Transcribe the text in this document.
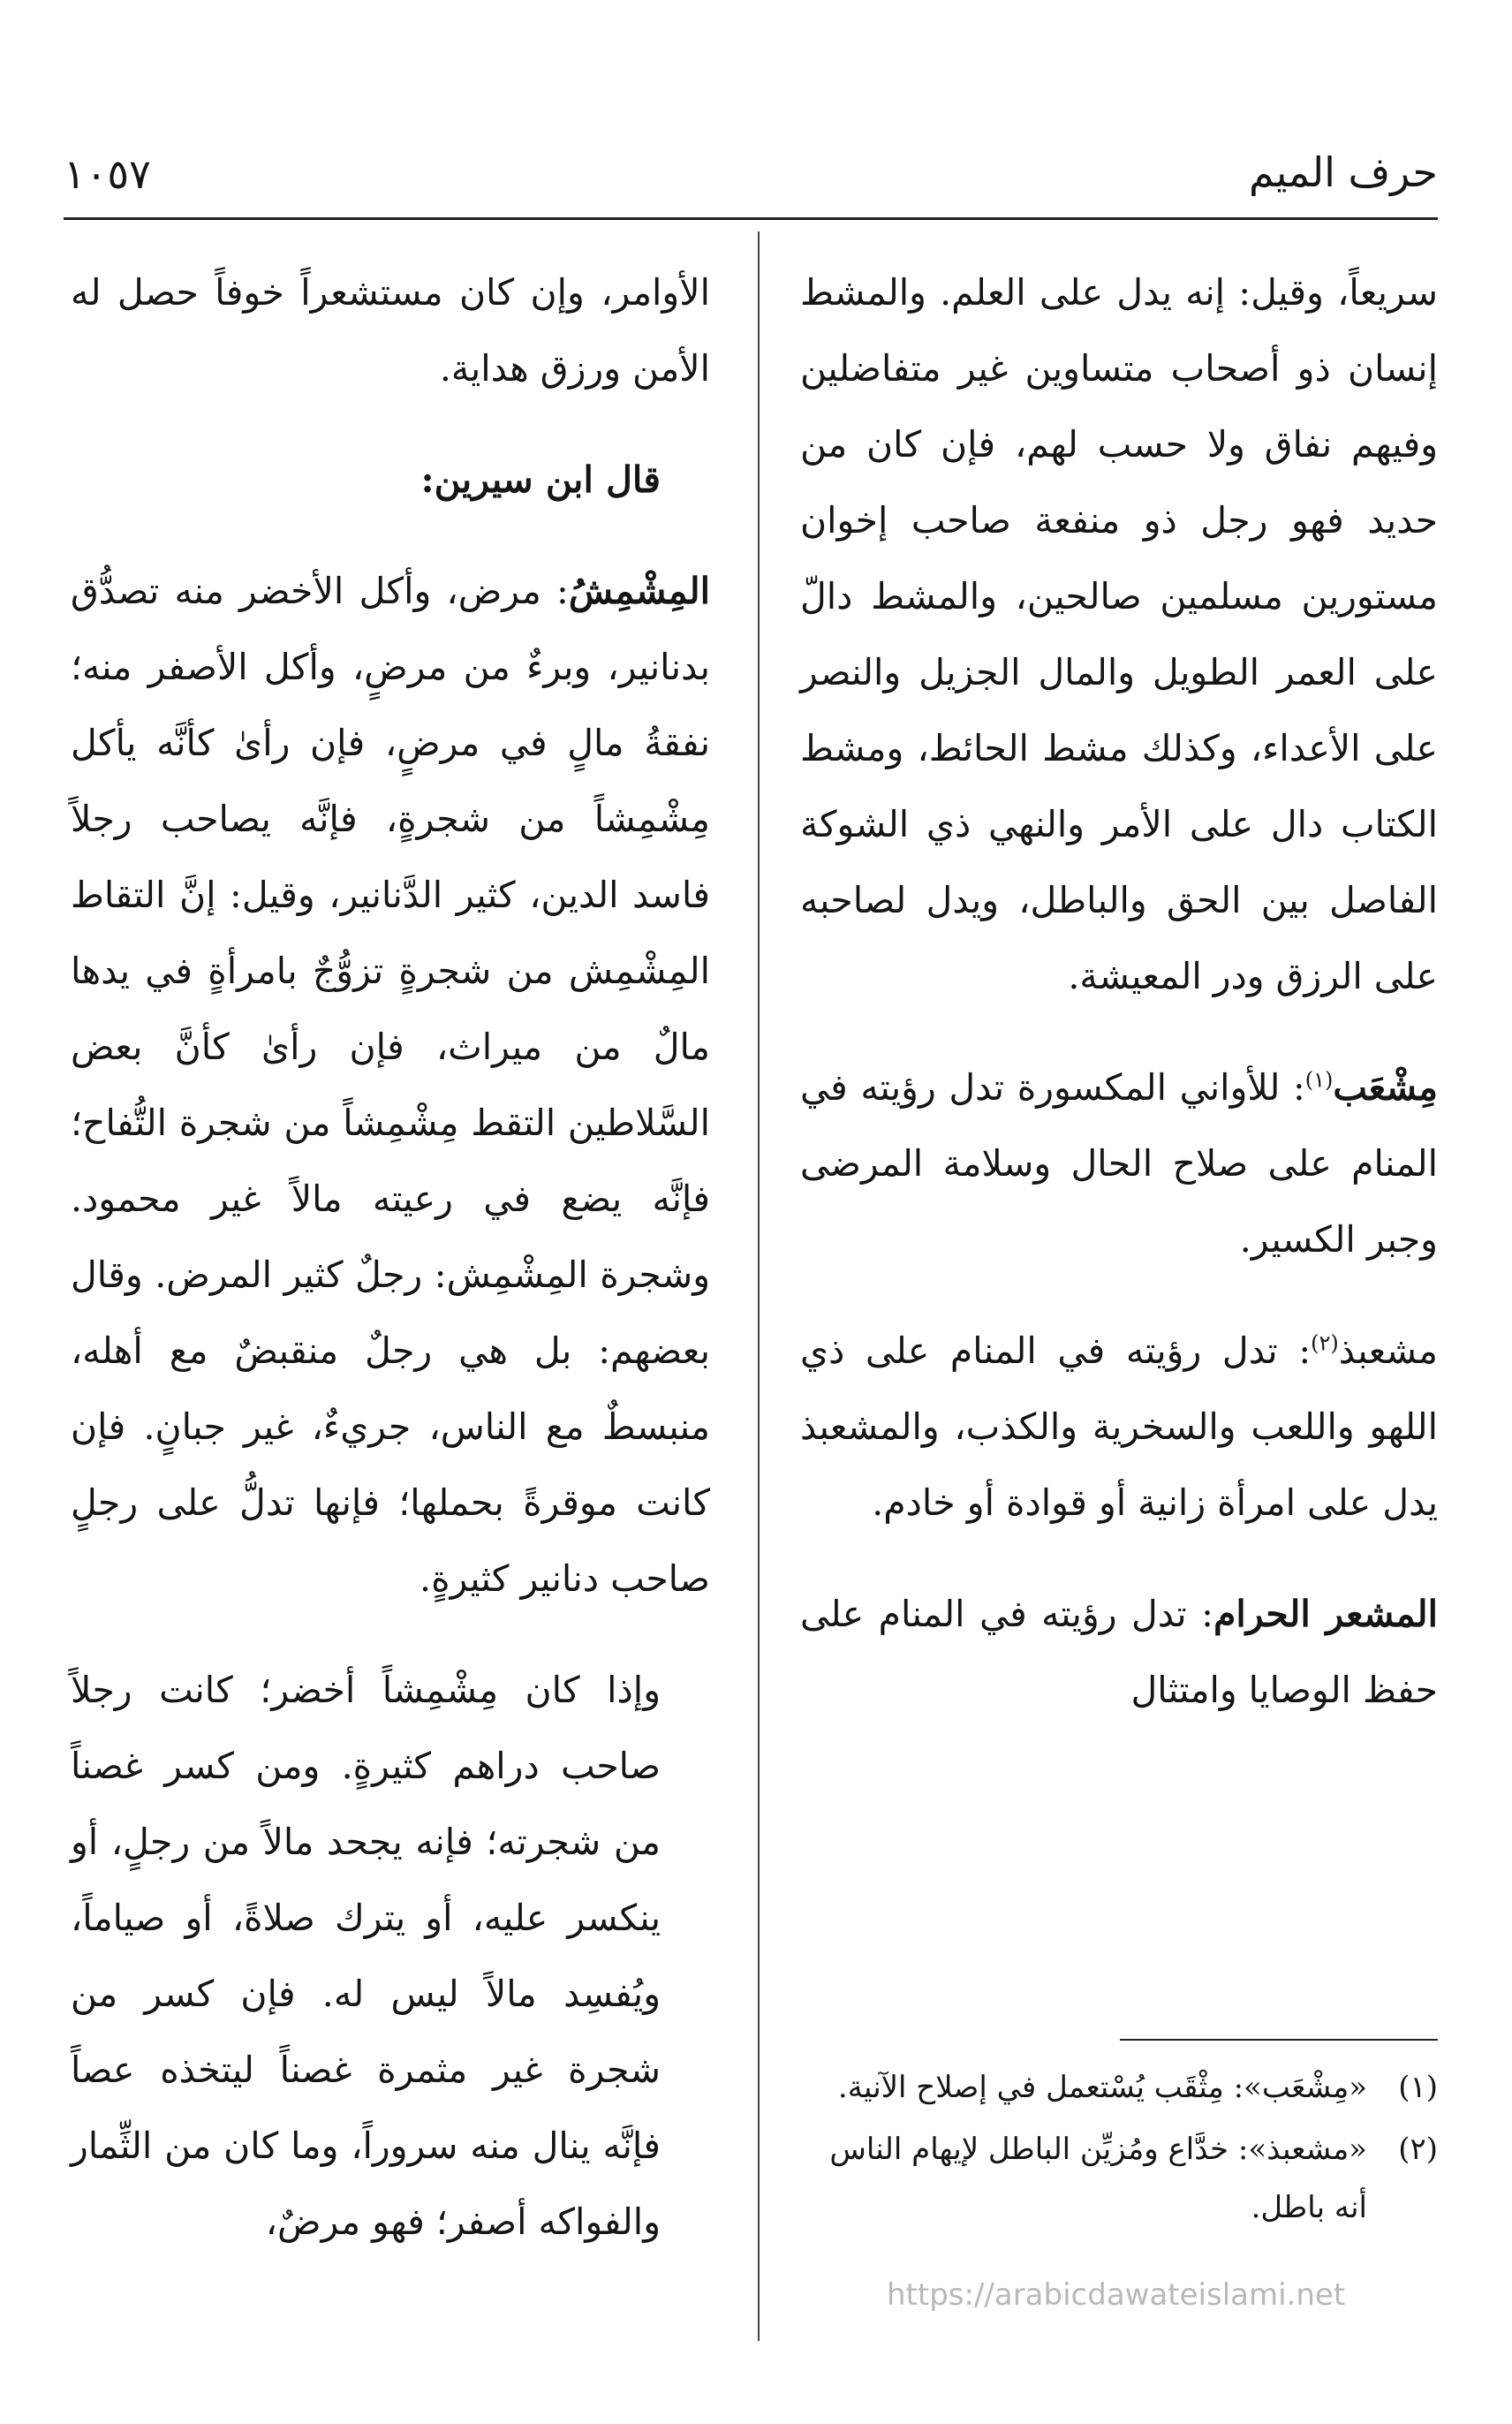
حرف الميم
١٠٥٧

سريعاً، وقيل: إنه يدل على العلم. والمشط إنسان ذو أصحاب متساوين غير متفاضلين وفيهم نفاق ولا حسب لهم، فإن كان من حديد فهو رجل ذو منفعة صاحب إخوان مستورين مسلمين صالحين، والمشط دالّ على العمر الطويل والمال الجزيل والنصر على الأعداء، وكذلك مشط الحائط، ومشط الكتاب دال على الأمر والنهي ذي الشوكة الفاصل بين الحق والباطل، ويدل لصاحبه على الرزق ودر المعيشة.

مِشْعَب$^{(١)}$: للأواني المكسورة تدل رؤيته في المنام على صلاح الحال وسلامة المرضى وجبر الكسير.

مشعبذ$^{(٢)}$: تدل رؤيته في المنام على ذي اللهو واللعب والسخرية والكذب، والمشعبذ يدل على امرأة زانية أو قوادة أو خادم.

المشعر الحرام: تدل رؤيته في المنام على حفظ الوصايا وامتثال

الأوامر، وإن كان مستشعراً خوفاً حصل له الأمن ورزق هداية.

قال ابن سيرين:

المِشْمِشُ: مرض، وأكل الأخضر منه تصدُّق بدنانير، وبرءٌ من مرضٍ، وأكل الأصفر منه؛ نفقةُ مالٍ في مرضٍ، فإن رأىٰ كأنَّه يأكل مِشْمِشاً من شجرةٍ، فإنَّه يصاحب رجلاً فاسد الدين، كثير الدَّنانير، وقيل: إنَّ التقاط المِشْمِش من شجرةٍ تزوُّجٌ بامرأةٍ في يدها مالٌ من ميراث، فإن رأىٰ كأنَّ بعض السَّلاطين التقط مِشْمِشاً من شجرة التُّفاح؛ فإنَّه يضع في رعيته مالاً غير محمود. وشجرة المِشْمِش: رجلٌ كثير المرض. وقال بعضهم: بل هي رجلٌ منقبضٌ مع أهله، منبسطٌ مع الناس، جريءٌ، غير جبانٍ. فإن كانت موقرةً بحملها؛ فإنها تدلُّ على رجلٍ صاحب دنانير كثيرةٍ.

وإذا كان مِشْمِشاً أخضر؛ كانت رجلاً صاحب دراهم كثيرةٍ. ومن كسر غصناً من شجرته؛ فإنه يجحد مالاً من رجلٍ، أو ينكسر عليه، أو يترك صلاةً، أو صياماً، ويُفسِد مالاً ليس له. فإن كسر من شجرة غير مثمرة غصناً ليتخذه عصاً فإنَّه ينال منه سروراً، وما كان من الثِّمار والفواكه أصفر؛ فهو مرضٌ،

(١)
«مِشْعَب»: مِثْقَب يُسْتعمل في إصلاح الآنية.
(٢)
«مشعبذ»: خدَّاع ومُزيِّن الباطل لإيهام الناس أنه باطل.
https://arabicdawateislami.net
